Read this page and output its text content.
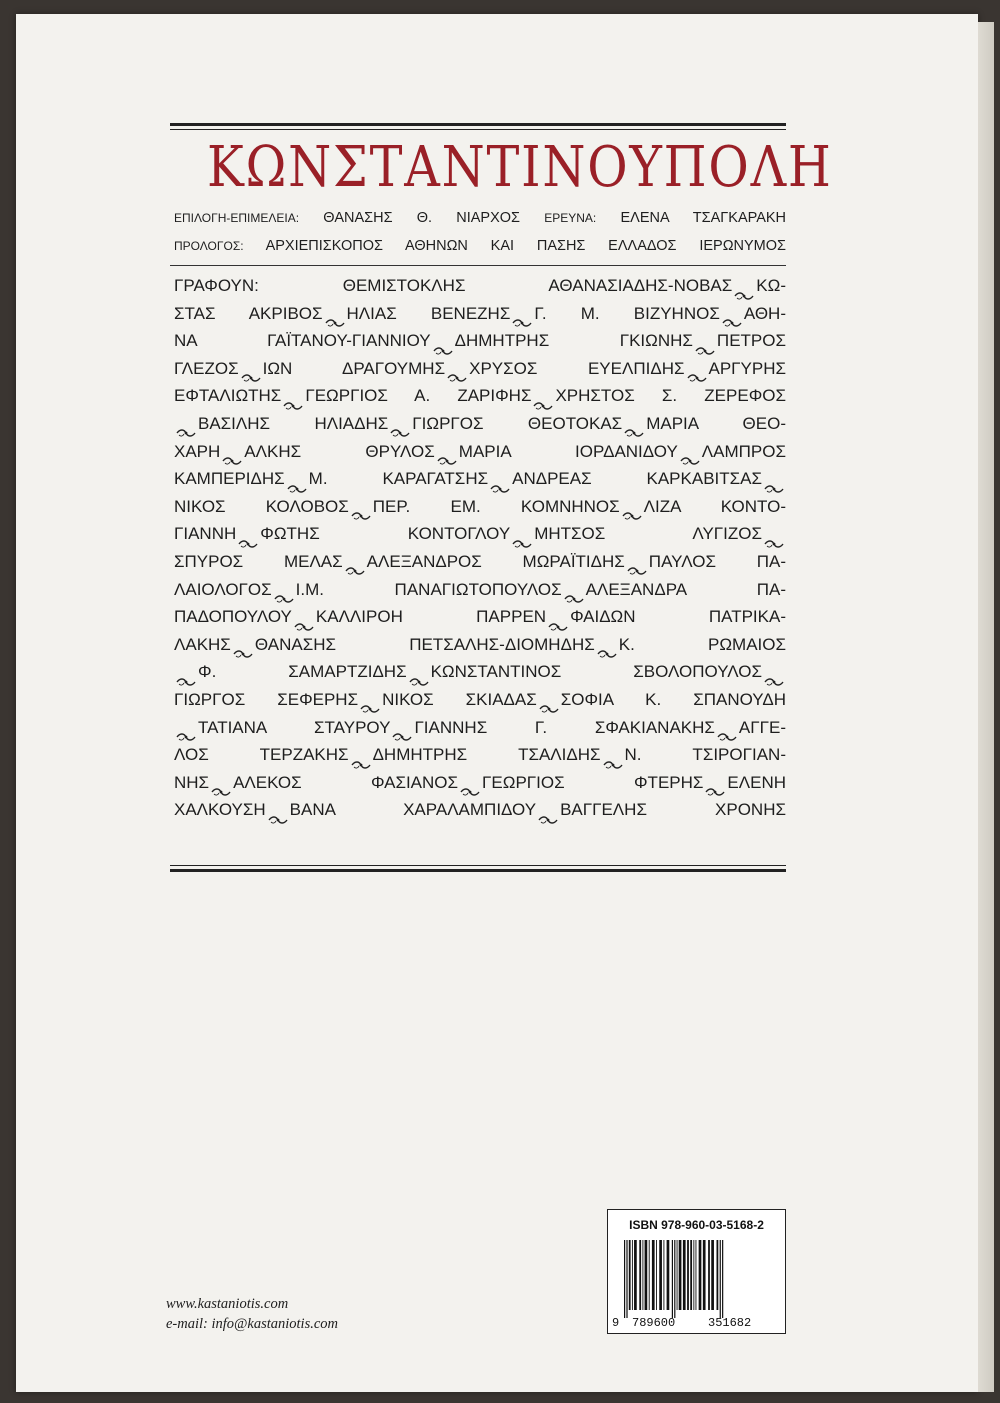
ΚΩΝΣΤΑΝΤΙΝΟΥΠΟΛΗ
ΕΠΙΛΟΓΗ-ΕΠΙΜΕΛΕΙΑ: ΘΑΝΑΣΗΣ Θ. ΝΙΑΡΧΟΣ ΕΡΕΥΝΑ: ΕΛΕΝΑ ΤΣΑΓΚΑΡΑΚΗ
ΠΡΟΛΟΓΟΣ: ΑΡΧΙΕΠΙΣΚΟΠΟΣ ΑΘΗΝΩΝ ΚΑΙ ΠΑΣΗΣ ΕΛΛΑΔΟΣ ΙΕΡΩΝΥΜΟΣ
ΓΡΑΦΟΥΝ: ΘΕΜΙΣΤΟΚΛΗΣ ΑΘΑΝΑΣΙΑΔΗΣ-ΝΟΒΑΣ ΚΩ-
ΣΤΑΣ ΑΚΡΙΒΟΣ ΗΛΙΑΣ ΒΕΝΕΖΗΣ Γ. Μ. ΒΙΖΥΗΝΟΣ ΑΘΗ-
ΝΑ ΓΑΪΤΑΝΟΥ-ΓΙΑΝΝΙΟΥ ΔΗΜΗΤΡΗΣ ΓΚΙΩΝΗΣ ΠΕΤΡΟΣ
ΓΛΕΖΟΣ ΙΩΝ ΔΡΑΓΟΥΜΗΣ ΧΡΥΣΟΣ ΕΥΕΛΠΙΔΗΣ ΑΡΓΥΡΗΣ
ΕΦΤΑΛΙΩΤΗΣ ΓΕΩΡΓΙΟΣ Α. ΖΑΡΙΦΗΣ ΧΡΗΣΤΟΣ Σ. ΖΕΡΕΦΟΣ
ΒΑΣΙΛΗΣ ΗΛΙΑΔΗΣ ΓΙΩΡΓΟΣ ΘΕΟΤΟΚΑΣ ΜΑΡΙΑ ΘΕΟ-
ΧΑΡΗ ΑΛΚΗΣ ΘΡΥΛΟΣ ΜΑΡΙΑ ΙΟΡΔΑΝΙΔΟΥ ΛΑΜΠΡΟΣ
ΚΑΜΠΕΡΙΔΗΣ Μ. ΚΑΡΑΓΑΤΣΗΣ ΑΝΔΡΕΑΣ ΚΑΡΚΑΒΙΤΣΑΣ
ΝΙΚΟΣ ΚΟΛΟΒΟΣ ΠΕΡ. ΕΜ. ΚΟΜΝΗΝΟΣ ΛΙΖΑ ΚΟΝΤΟ-
ΓΙΑΝΝΗ ΦΩΤΗΣ ΚΟΝΤΟΓΛΟΥ ΜΗΤΣΟΣ ΛΥΓΙΖΟΣ
ΣΠΥΡΟΣ ΜΕΛΑΣ ΑΛΕΞΑΝΔΡΟΣ ΜΩΡΑΪΤΙΔΗΣ ΠΑΥΛΟΣ ΠΑ-
ΛΑΙΟΛΟΓΟΣ Ι.Μ. ΠΑΝΑΓΙΩΤΟΠΟΥΛΟΣ ΑΛΕΞΑΝΔΡΑ ΠΑ-
ΠΑΔΟΠΟΥΛΟΥ ΚΑΛΛΙΡΟΗ ΠΑΡΡΕΝ ΦΑΙΔΩΝ ΠΑΤΡΙΚΑ-
ΛΑΚΗΣ ΘΑΝΑΣΗΣ ΠΕΤΣΑΛΗΣ-ΔΙΟΜΗΔΗΣ Κ. ΡΩΜΑΙΟΣ
Φ. ΣΑΜΑΡΤΖΙΔΗΣ ΚΩΝΣΤΑΝΤΙΝΟΣ ΣΒΟΛΟΠΟΥΛΟΣ
ΓΙΩΡΓΟΣ ΣΕΦΕΡΗΣ ΝΙΚΟΣ ΣΚΙΑΔΑΣ ΣΟΦΙΑ Κ. ΣΠΑΝΟΥΔΗ
ΤΑΤΙΑΝΑ ΣΤΑΥΡΟΥ ΓΙΑΝΝΗΣ Γ. ΣΦΑΚΙΑΝΑΚΗΣ ΑΓΓΕ-
ΛΟΣ ΤΕΡΖΑΚΗΣ ΔΗΜΗΤΡΗΣ ΤΣΑΛΙΔΗΣ Ν. ΤΣΙΡΟΓΙΑΝ-
ΝΗΣ ΑΛΕΚΟΣ ΦΑΣΙΑΝΟΣ ΓΕΩΡΓΙΟΣ ΦΤΕΡΗΣ ΕΛΕΝΗ
ΧΑΛΚΟΥΣΗ ΒΑΝΑ ΧΑΡΑΛΑΜΠΙΔΟΥ ΒΑΓΓΕΛΗΣ ΧΡΟΝΗΣ
ISBN 978-960-03-5168-2
9 789600	351682
www.kastaniotis.com
e-mail: info@kastaniotis.com
